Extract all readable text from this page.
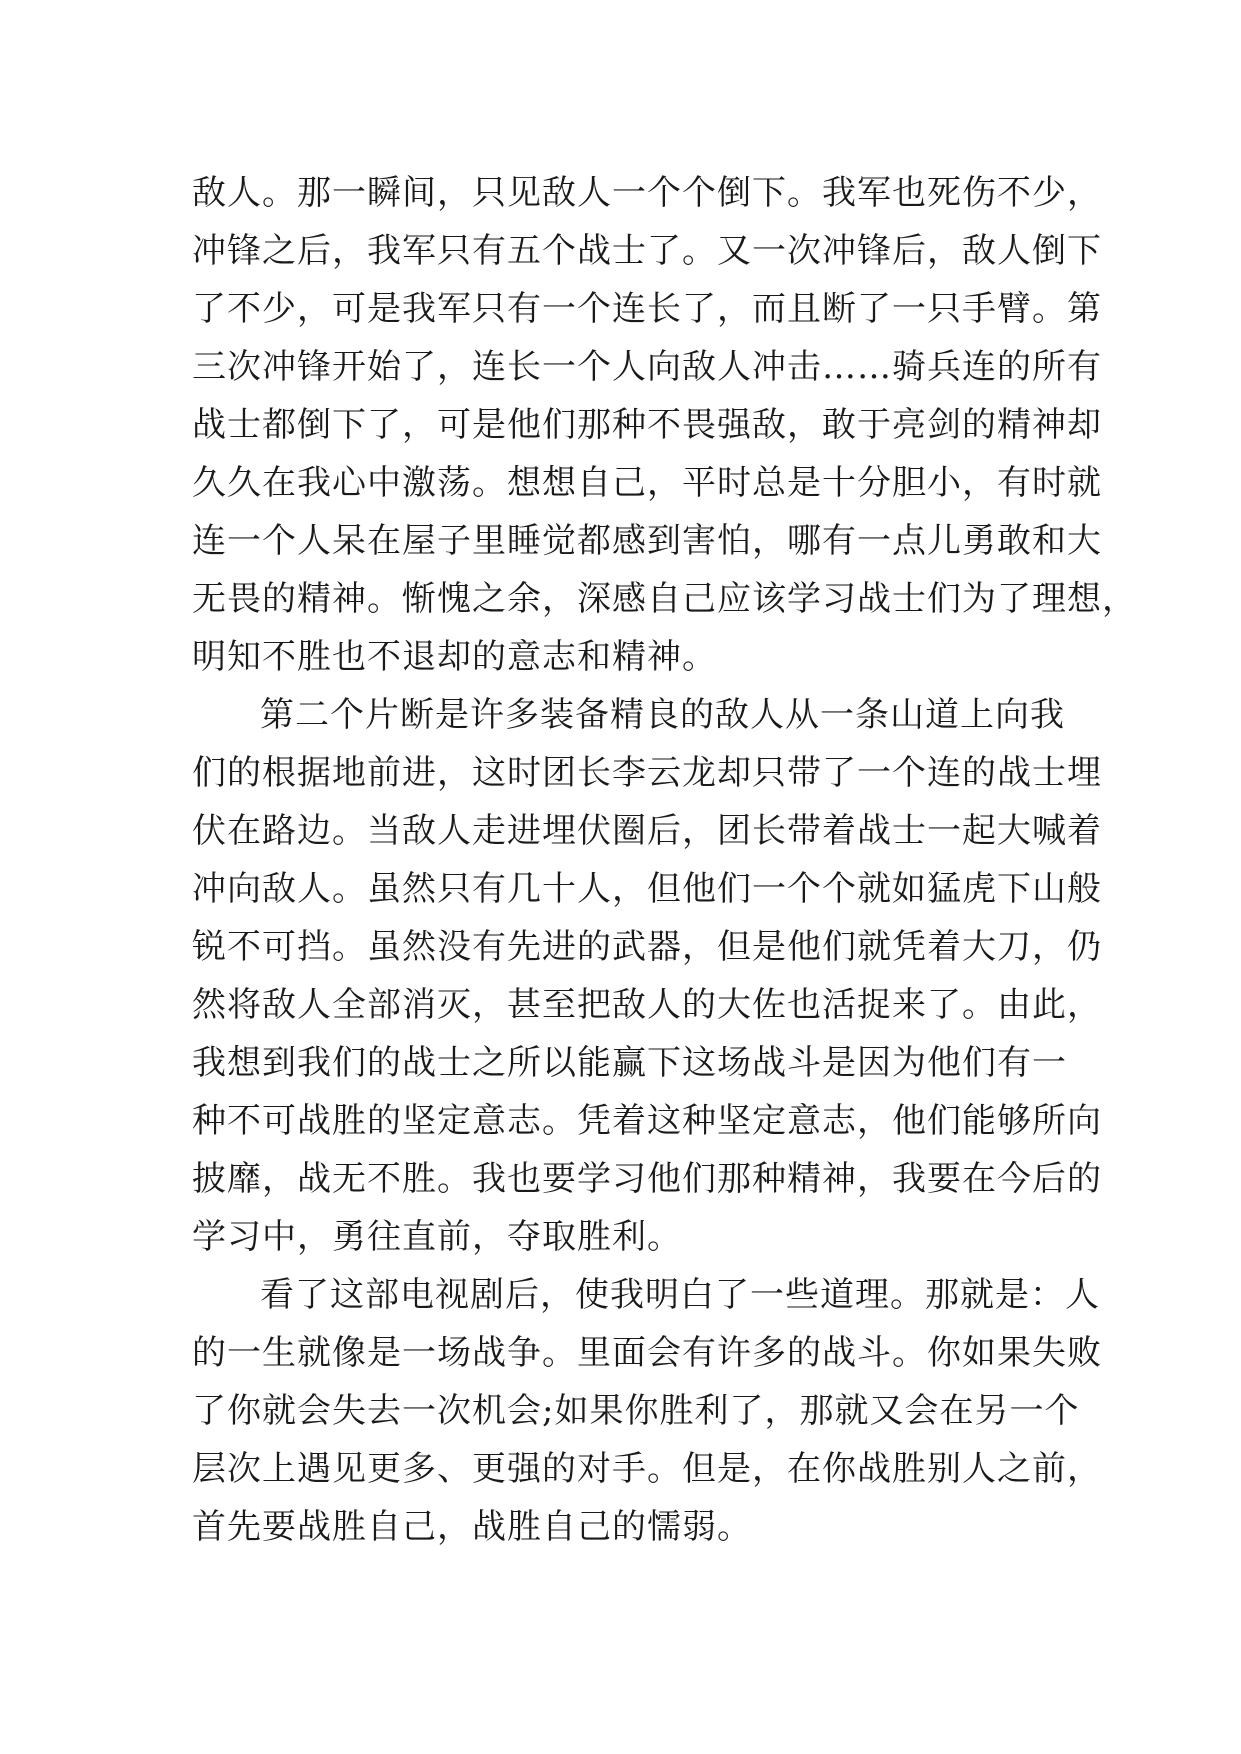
敌人。那一瞬间，只见敌人一个个倒下。我军也死伤不少，
冲锋之后，我军只有五个战士了。又一次冲锋后，敌人倒下
了不少，可是我军只有一个连长了，而且断了一只手臂。第
三次冲锋开始了，连长一个人向敌人冲击……骑兵连的所有
战士都倒下了，可是他们那种不畏强敌，敢于亮剑的精神却
久久在我心中激荡。想想自己，平时总是十分胆小，有时就
连一个人呆在屋子里睡觉都感到害怕，哪有一点儿勇敢和大
无畏的精神。惭愧之余，深感自己应该学习战士们为了理想，
明知不胜也不退却的意志和精神。
第二个片断是许多装备精良的敌人从一条山道上向我
们的根据地前进，这时团长李云龙却只带了一个连的战士埋
伏在路边。当敌人走进埋伏圈后，团长带着战士一起大喊着
冲向敌人。虽然只有几十人，但他们一个个就如猛虎下山般
锐不可挡。虽然没有先进的武器，但是他们就凭着大刀，仍
然将敌人全部消灭，甚至把敌人的大佐也活捉来了。由此，
我想到我们的战士之所以能赢下这场战斗是因为他们有一
种不可战胜的坚定意志。凭着这种坚定意志，他们能够所向
披靡，战无不胜。我也要学习他们那种精神，我要在今后的
学习中，勇往直前，夺取胜利。
看了这部电视剧后，使我明白了一些道理。那就是：人
的一生就像是一场战争。里面会有许多的战斗。你如果失败
了你就会失去一次机会;如果你胜利了，那就又会在另一个
层次上遇见更多、更强的对手。但是，在你战胜别人之前，
首先要战胜自己，战胜自己的懦弱。
